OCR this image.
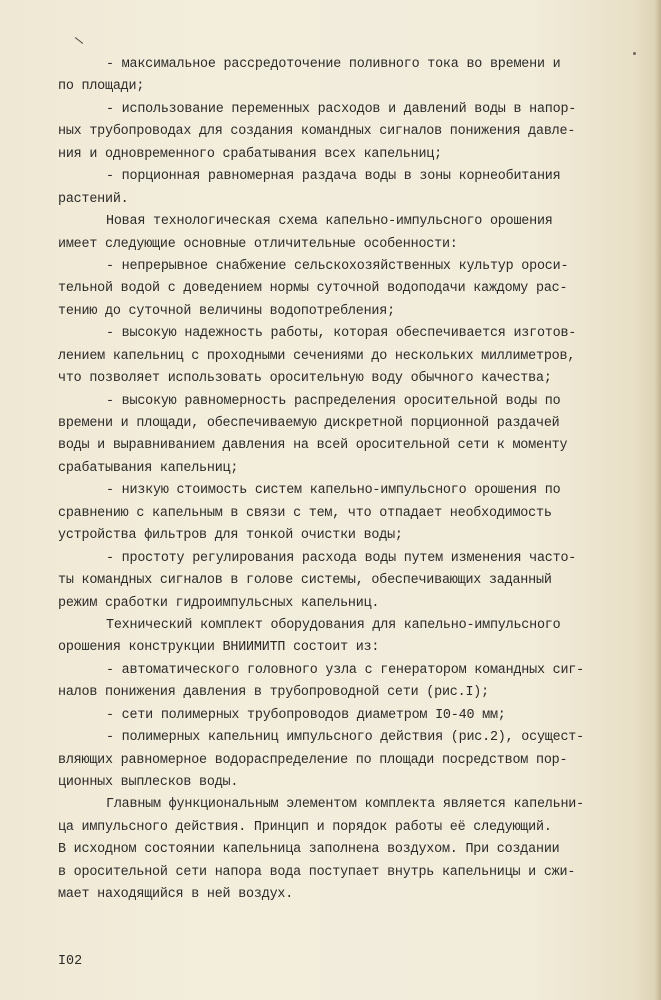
- максимальное рассредоточение поливного тока во времени и
по площади;
- использование переменных расходов и давлений воды в напор-
ных трубопроводах для создания командных сигналов понижения давле-
ния и одновременного срабатывания всех капельниц;
- порционная равномерная раздача воды в зоны корнеобитания
растений.
Новая технологическая схема капельно-импульсного орошения
имеет следующие основные отличительные особенности:
- непрерывное снабжение сельскохозяйственных культур ороси-
тельной водой с доведением нормы суточной водоподачи каждому рас-
тению до суточной величины водопотребления;
- высокую надежность работы, которая обеспечивается изготов-
лением капельниц с проходными сечениями до нескольких миллиметров,
что позволяет использовать оросительную воду обычного качества;
- высокую равномерность распределения оросительной воды по
времени и площади, обеспечиваемую дискретной порционной раздачей
воды и выравниванием давления на всей оросительной сети к моменту
срабатывания капельниц;
- низкую стоимость систем капельно-импульсного орошения по
сравнению с капельным в связи с тем, что отпадает необходимость
устройства фильтров для тонкой очистки воды;
- простоту регулирования расхода воды путем изменения часто-
ты командных сигналов в голове системы, обеспечивающих заданный
режим сработки гидроимпульсных капельниц.
Технический комплект оборудования для капельно-импульсного
орошения конструкции ВНИИМИТП состоит из:
- автоматического головного узла с генератором командных сиг-
налов понижения давления в трубопроводной сети (рис.I);
- сети полимерных трубопроводов диаметром I0-40 мм;
- полимерных капельниц импульсного действия (рис.2), осущест-
вляющих равномерное водораспределение по площади посредством пор-
ционных выплесков воды.
Главным функциональным элементом комплекта является капельни-
ца импульсного действия. Принцип и порядок работы её следующий.
В исходном состоянии капельница заполнена воздухом. При создании
в оросительной сети напора вода поступает внутрь капельницы и сжи-
мает находящийся в ней воздух.
I02
